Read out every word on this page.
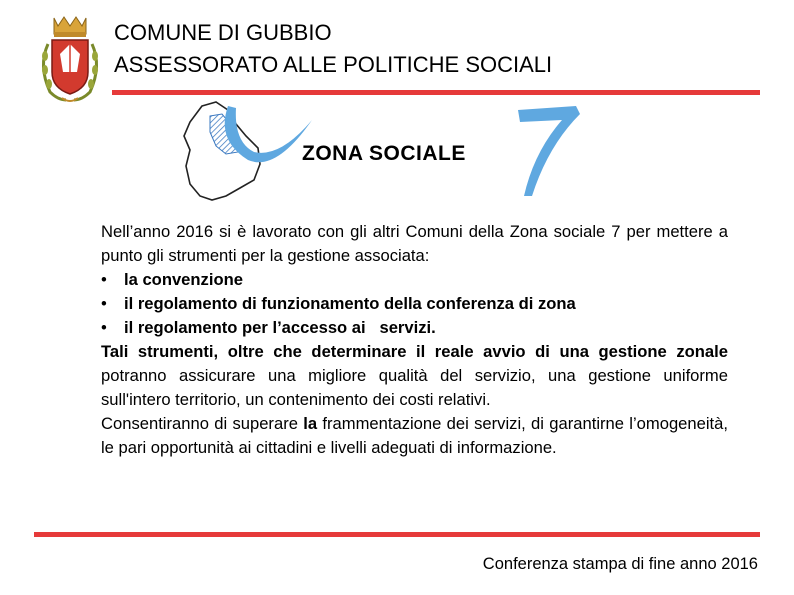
COMUNE DI GUBBIO
ASSESSORATO ALLE POLITICHE SOCIALI
ZONA SOCIALE

Nell’anno 2016 si è lavorato con gli altri Comuni della Zona sociale 7 per mettere a punto gli strumenti per la gestione associata:

•	la convenzione
•	il regolamento di funzionamento della conferenza di zona
•	il regolamento per l’accesso ai   servizi.

Tali strumenti, oltre che determinare il reale avvio di una gestione zonale potranno assicurare una migliore qualità del servizio, una gestione uniforme sull'intero territorio, un contenimento dei costi relativi.

Consentiranno di superare la frammentazione dei servizi, di garantirne l’omogeneità, le pari opportunità ai cittadini e livelli adeguati di informazione.

Conferenza stampa di fine anno 2016
